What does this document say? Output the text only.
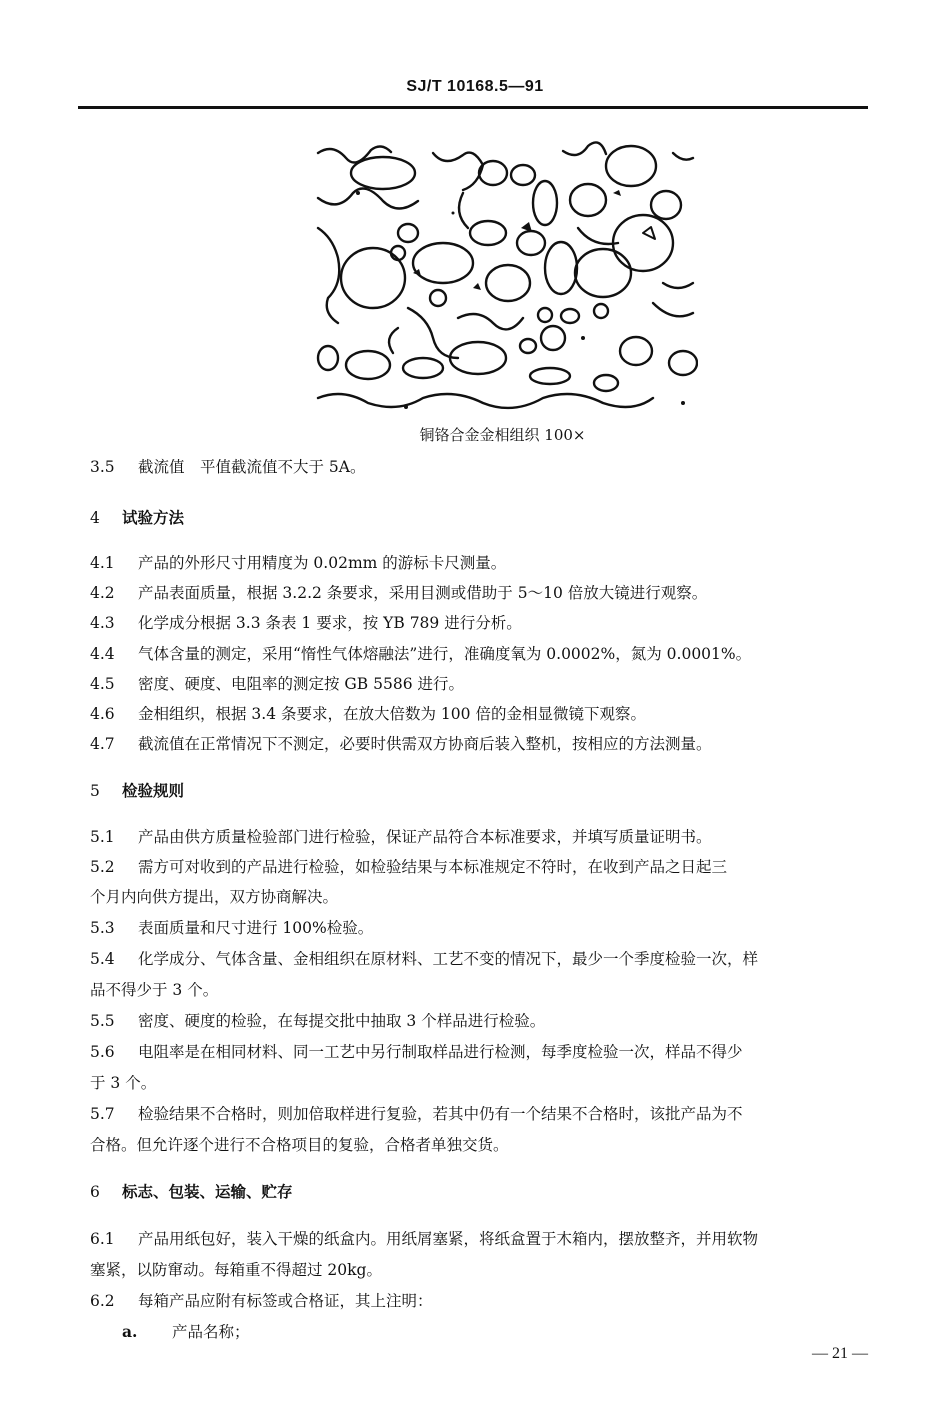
SJ/T 10168.5—91
铜铬合金金相组织 100×
3.5 截流值　平值截流值不大于 5A。
4 试验方法
4.1 产品的外形尺寸用精度为 0.02mm 的游标卡尺测量。
4.2 产品表面质量，根据 3.2.2 条要求，采用目测或借助于 5～10 倍放大镜进行观察。
4.3 化学成分根据 3.3 条表 1 要求，按 YB 789 进行分析。
4.4 气体含量的测定，采用“惰性气体熔融法”进行，准确度氧为 0.0002%，氮为 0.0001%。
4.5 密度、硬度、电阻率的测定按 GB 5586 进行。
4.6 金相组织，根据 3.4 条要求，在放大倍数为 100 倍的金相显微镜下观察。
4.7 截流值在正常情况下不测定，必要时供需双方协商后装入整机，按相应的方法测量。
5 检验规则
5.1 产品由供方质量检验部门进行检验，保证产品符合本标准要求，并填写质量证明书。
5.2 需方可对收到的产品进行检验，如检验结果与本标准规定不符时，在收到产品之日起三
个月内向供方提出，双方协商解决。
5.3 表面质量和尺寸进行 100%检验。
5.4 化学成分、气体含量、金相组织在原材料、工艺不变的情况下，最少一个季度检验一次，样
品不得少于 3 个。
5.5 密度、硬度的检验，在每提交批中抽取 3 个样品进行检验。
5.6 电阻率是在相同材料、同一工艺中另行制取样品进行检测，每季度检验一次，样品不得少
于 3 个。
5.7 检验结果不合格时，则加倍取样进行复验，若其中仍有一个结果不合格时，该批产品为不
合格。但允许逐个进行不合格项目的复验，合格者单独交货。
6 标志、包装、运输、贮存
6.1 产品用纸包好，装入干燥的纸盒内。用纸屑塞紧，将纸盒置于木箱内，摆放整齐，并用软物
塞紧，以防窜动。每箱重不得超过 20kg。
6.2 每箱产品应附有标签或合格证，其上注明：
a. 产品名称；
— 21 —
